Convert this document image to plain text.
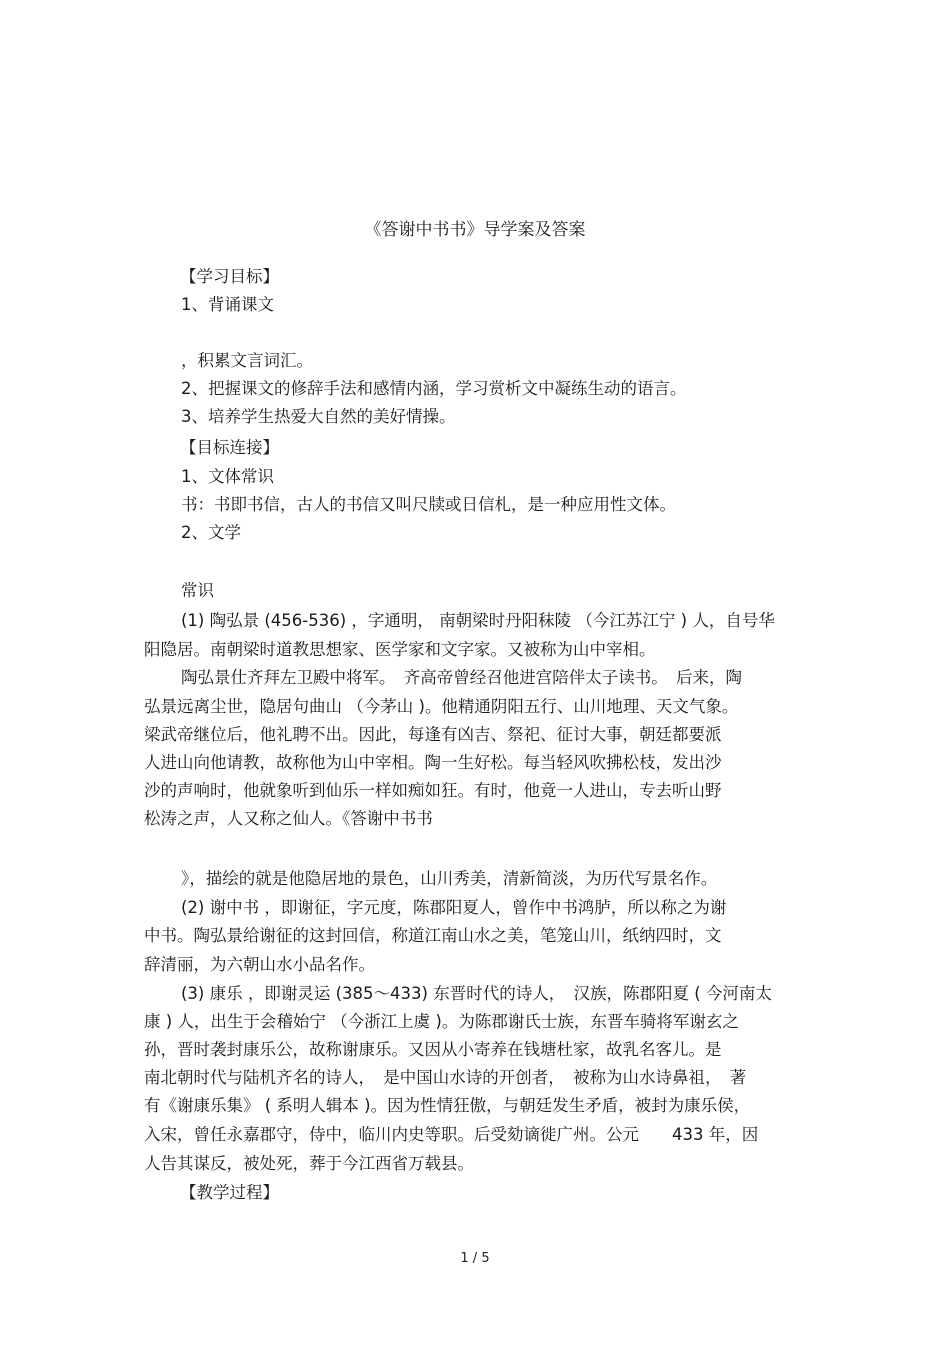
《答谢中书书》导学案及答案

【学习目标】

1、背诵课文

，积累文言词汇。

2、把握课文的修辞手法和感情内涵，学习赏析文中凝练生动的语言。

3、培养学生热爱大自然的美好情操。

【目标连接】

1、文体常识

书：书即书信，古人的书信又叫尺牍或日信札，是一种应用性文体。

2、文学

常识

(1) 陶弘景 (456-536) ，字通明， 南朝梁时丹阳秣陵 （今江苏江宁 ) 人，自号华

阳隐居。南朝梁时道教思想家、医学家和文字家。又被称为山中宰相。

陶弘景仕齐拜左卫殿中将军。　齐高帝曾经召他进宫陪伴太子读书。　后来，陶

弘景远离尘世，隐居句曲山 （今茅山 )。他精通阴阳五行、山川地理、天文气象。

梁武帝继位后，他礼聘不出。因此，每逢有凶吉、祭祀、征讨大事，朝廷都要派

人进山向他请教，故称他为山中宰相。陶一生好松。每当轻风吹拂松枝，发出沙

沙的声响时，他就象听到仙乐一样如痴如狂。有时，他竟一人进山，专去听山野

松涛之声，人又称之仙人。《答谢中书书

》，描绘的就是他隐居地的景色，山川秀美，清新简淡，为历代写景名作。

(2) 谢中书 ，即谢征，字元度，陈郡阳夏人，曾作中书鸿胪，所以称之为谢

中书。陶弘景给谢征的这封回信，称道江南山水之美，笔笼山川，纸纳四时，文

辞清丽，为六朝山水小品名作。

(3) 康乐 ，即谢灵运 (385～433) 东晋时代的诗人，　汉族，陈郡阳夏 ( 今河南太

康 ) 人，出生于会稽始宁 （今浙江上虞 )。为陈郡谢氏士族，东晋车骑将军谢玄之

孙，晋时袭封康乐公，故称谢康乐。又因从小寄养在钱塘杜家，故乳名客儿。是

南北朝时代与陆机齐名的诗人，　是中国山水诗的开创者，　被称为山水诗鼻祖，　著

有《谢康乐集》 ( 系明人辑本 )。因为性情狂傲，与朝廷发生矛盾，被封为康乐侯，

入宋，曾任永嘉郡守，侍中，临川内史等职。后受劾谪徙广州。公元　　433 年，因

人告其谋反，被处死，葬于今江西省万载县。

【教学过程】

1 / 5
